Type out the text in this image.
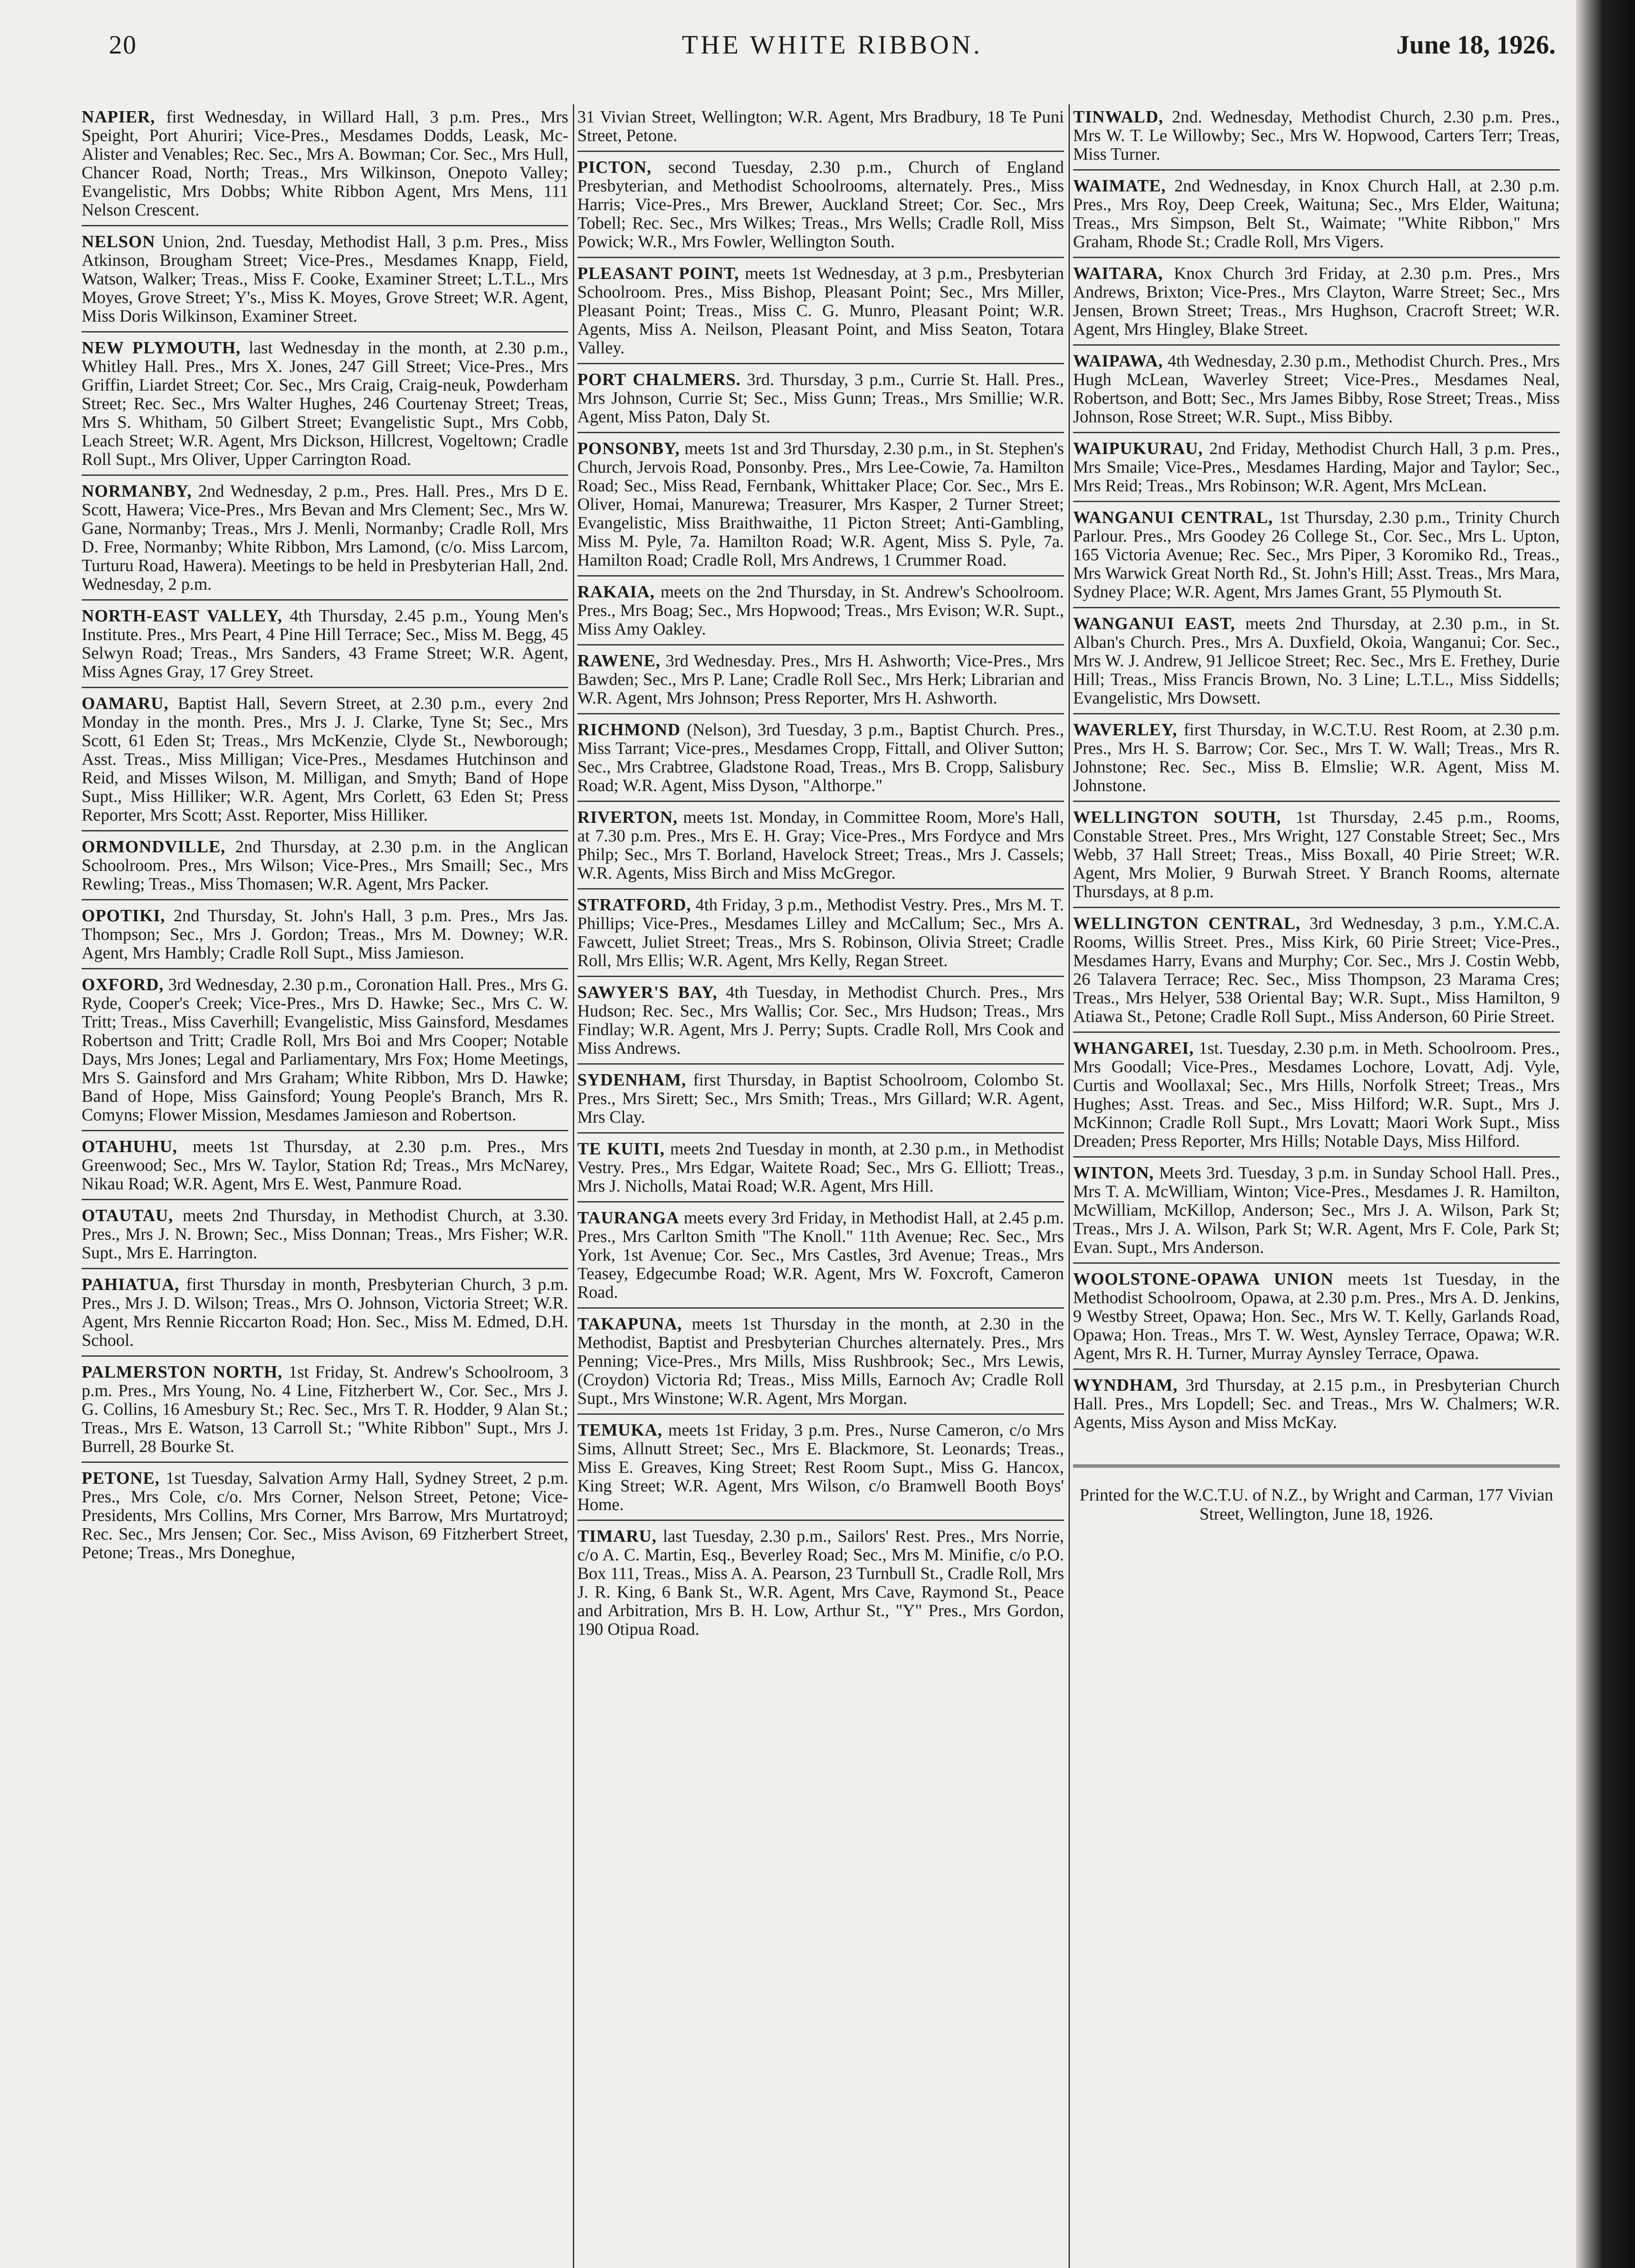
20	THE WHITE RIBBON.	June 18, 1926.
NAPIER, first Wednesday, in Willard Hall, 3 p.m. Pres., Mrs Speight, Port Ahuriri; Vice-Pres., Mesdames Dodds, Leask, Mc-Alister and Venables; Rec. Sec., Mrs A. Bowman; Cor. Sec., Mrs Hull, Chancer Road, North; Treas., Mrs Wilkinson, Onepoto Valley; Evangelistic, Mrs Dobbs; White Ribbon Agent, Mrs Mens, 111 Nelson Crescent.
NELSON Union, 2nd. Tuesday, Methodist Hall, 3 p.m. Pres., Miss Atkinson, Brougham Street; Vice-Pres., Mesdames Knapp, Field, Watson, Walker; Treas., Miss F. Cooke, Examiner Street; L.T.L., Mrs Moyes, Grove Street; Y's., Miss K. Moyes, Grove Street; W.R. Agent, Miss Doris Wilkinson, Examiner Street.
NEW PLYMOUTH, last Wednesday in the month, at 2.30 p.m., Whitley Hall. Pres., Mrs X. Jones, 247 Gill Street; Vice-Pres., Mrs Griffin, Liardet Street; Cor. Sec., Mrs Craig, Craig-neuk, Powderham Street; Rec. Sec., Mrs Walter Hughes, 246 Courtenay Street; Treas, Mrs S. Whitham, 50 Gilbert Street; Evangelistic Supt., Mrs Cobb, Leach Street; W.R. Agent, Mrs Dickson, Hillcrest, Vogeltown; Cradle Roll Supt., Mrs Oliver, Upper Carrington Road.
NORMANBY, 2nd Wednesday, 2 p.m., Pres. Hall. Pres., Mrs D E. Scott, Hawera; Vice-Pres., Mrs Bevan and Mrs Clement; Sec., Mrs W. Gane, Normanby; Treas., Mrs J. Menli, Normanby; Cradle Roll, Mrs D. Free, Normanby; White Ribbon, Mrs Lamond, (c/o. Miss Larcom, Turturu Road, Hawera). Meetings to be held in Presbyterian Hall, 2nd. Wednesday, 2 p.m.
NORTH-EAST VALLEY, 4th Thursday, 2.45 p.m., Young Men's Institute. Pres., Mrs Peart, 4 Pine Hill Terrace; Sec., Miss M. Begg, 45 Selwyn Road; Treas., Mrs Sanders, 43 Frame Street; W.R. Agent, Miss Agnes Gray, 17 Grey Street.
OAMARU, Baptist Hall, Severn Street, at 2.30 p.m., every 2nd Monday in the month. Pres., Mrs J. J. Clarke, Tyne St; Sec., Mrs Scott, 61 Eden St; Treas., Mrs McKenzie, Clyde St., Newborough; Asst. Treas., Miss Milligan; Vice-Pres., Mesdames Hutchinson and Reid, and Misses Wilson, M. Milligan, and Smyth; Band of Hope Supt., Miss Hilliker; W.R. Agent, Mrs Corlett, 63 Eden St; Press Reporter, Mrs Scott; Asst. Reporter, Miss Hilliker.
ORMONDVILLE, 2nd Thursday, at 2.30 p.m. in the Anglican Schoolroom. Pres., Mrs Wilson; Vice-Pres., Mrs Smaill; Sec., Mrs Rewling; Treas., Miss Thomasen; W.R. Agent, Mrs Packer.
OPOTIKI, 2nd Thursday, St. John's Hall, 3 p.m. Pres., Mrs Jas. Thompson; Sec., Mrs J. Gordon; Treas., Mrs M. Downey; W.R. Agent, Mrs Hambly; Cradle Roll Supt., Miss Jamieson.
OXFORD, 3rd Wednesday, 2.30 p.m., Coronation Hall. Pres., Mrs G. Ryde, Cooper's Creek; Vice-Pres., Mrs D. Hawke; Sec., Mrs C. W. Tritt; Treas., Miss Caverhill; Evangelistic, Miss Gainsford, Mesdames Robertson and Tritt; Cradle Roll, Mrs Boi and Mrs Cooper; Notable Days, Mrs Jones; Legal and Parliamentary, Mrs Fox; Home Meetings, Mrs S. Gainsford and Mrs Graham; White Ribbon, Mrs D. Hawke; Band of Hope, Miss Gainsford; Young People's Branch, Mrs R. Comyns; Flower Mission, Mesdames Jamieson and Robertson.
OTAHUHU, meets 1st Thursday, at 2.30 p.m. Pres., Mrs Greenwood; Sec., Mrs W. Taylor, Station Rd; Treas., Mrs McNarey, Nikau Road; W.R. Agent, Mrs E. West, Panmure Road.
OTAUTAU, meets 2nd Thursday, in Methodist Church, at 3.30. Pres., Mrs J. N. Brown; Sec., Miss Donnan; Treas., Mrs Fisher; W.R. Supt., Mrs E. Harrington.
PAHIATUA, first Thursday in month, Presbyterian Church, 3 p.m. Pres., Mrs J. D. Wilson; Treas., Mrs O. Johnson, Victoria Street; W.R. Agent, Mrs Rennie Riccarton Road; Hon. Sec., Miss M. Edmed, D.H. School.
PALMERSTON NORTH, 1st Friday, St. Andrew's Schoolroom, 3 p.m. Pres., Mrs Young, No. 4 Line, Fitzherbert W., Cor. Sec., Mrs J. G. Collins, 16 Amesbury St.; Rec. Sec., Mrs T. R. Hodder, 9 Alan St.; Treas., Mrs E. Watson, 13 Carroll St.; "White Ribbon" Supt., Mrs J. Burrell, 28 Bourke St.
PETONE, 1st Tuesday, Salvation Army Hall, Sydney Street, 2 p.m. Pres., Mrs Cole, c/o. Mrs Corner, Nelson Street, Petone; Vice-Presidents, Mrs Collins, Mrs Corner, Mrs Barrow, Mrs Murtatroyd; Rec. Sec., Mrs Jensen; Cor. Sec., Miss Avison, 69 Fitzherbert Street, Petone; Treas., Mrs Doneghue,
31 Vivian Street, Wellington; W.R. Agent, Mrs Bradbury, 18 Te Puni Street, Petone.
PICTON, second Tuesday, 2.30 p.m., Church of England Presbyterian, and Methodist Schoolrooms, alternately. Pres., Miss Harris; Vice-Pres., Mrs Brewer, Auckland Street; Cor. Sec., Mrs Tobell; Rec. Sec., Mrs Wilkes; Treas., Mrs Wells; Cradle Roll, Miss Powick; W.R., Mrs Fowler, Wellington South.
PLEASANT POINT, meets 1st Wednesday, at 3 p.m., Presbyterian Schoolroom. Pres., Miss Bishop, Pleasant Point; Sec., Mrs Miller, Pleasant Point; Treas., Miss C. G. Munro, Pleasant Point; W.R. Agents, Miss A. Neilson, Pleasant Point, and Miss Seaton, Totara Valley.
PORT CHALMERS. 3rd. Thursday, 3 p.m., Currie St. Hall. Pres., Mrs Johnson, Currie St; Sec., Miss Gunn; Treas., Mrs Smillie; W.R. Agent, Miss Paton, Daly St.
PONSONBY, meets 1st and 3rd Thursday, 2.30 p.m., in St. Stephen's Church, Jervois Road, Ponsonby. Pres., Mrs Lee-Cowie, 7a. Hamilton Road; Sec., Miss Read, Fernbank, Whittaker Place; Cor. Sec., Mrs E. Oliver, Homai, Manurewa; Treasurer, Mrs Kasper, 2 Turner Street; Evangelistic, Miss Braithwaithe, 11 Picton Street; Anti-Gambling, Miss M. Pyle, 7a. Hamilton Road; W.R. Agent, Miss S. Pyle, 7a. Hamilton Road; Cradle Roll, Mrs Andrews, 1 Crummer Road.
RAKAIA, meets on the 2nd Thursday, in St. Andrew's Schoolroom. Pres., Mrs Boag; Sec., Mrs Hopwood; Treas., Mrs Evison; W.R. Supt., Miss Amy Oakley.
RAWENE, 3rd Wednesday. Pres., Mrs H. Ashworth; Vice-Pres., Mrs Bawden; Sec., Mrs P. Lane; Cradle Roll Sec., Mrs Herk; Librarian and W.R. Agent, Mrs Johnson; Press Reporter, Mrs H. Ashworth.
RICHMOND (Nelson), 3rd Tuesday, 3 p.m., Baptist Church. Pres., Miss Tarrant; Vice-pres., Mesdames Cropp, Fittall, and Oliver Sutton; Sec., Mrs Crabtree, Gladstone Road, Treas., Mrs B. Cropp, Salisbury Road; W.R. Agent, Miss Dyson, "Althorpe."
RIVERTON, meets 1st. Monday, in Committee Room, More's Hall, at 7.30 p.m. Pres., Mrs E. H. Gray; Vice-Pres., Mrs Fordyce and Mrs Philp; Sec., Mrs T. Borland, Havelock Street; Treas., Mrs J. Cassels; W.R. Agents, Miss Birch and Miss McGregor.
STRATFORD, 4th Friday, 3 p.m., Methodist Vestry. Pres., Mrs M. T. Phillips; Vice-Pres., Mesdames Lilley and McCallum; Sec., Mrs A. Fawcett, Juliet Street; Treas., Mrs S. Robinson, Olivia Street; Cradle Roll, Mrs Ellis; W.R. Agent, Mrs Kelly, Regan Street.
SAWYER'S BAY, 4th Tuesday, in Methodist Church. Pres., Mrs Hudson; Rec. Sec., Mrs Wallis; Cor. Sec., Mrs Hudson; Treas., Mrs Findlay; W.R. Agent, Mrs J. Perry; Supts. Cradle Roll, Mrs Cook and Miss Andrews.
SYDENHAM, first Thursday, in Baptist Schoolroom, Colombo St. Pres., Mrs Sirett; Sec., Mrs Smith; Treas., Mrs Gillard; W.R. Agent, Mrs Clay.
TE KUITI, meets 2nd Tuesday in month, at 2.30 p.m., in Methodist Vestry. Pres., Mrs Edgar, Waitete Road; Sec., Mrs G. Elliott; Treas., Mrs J. Nicholls, Matai Road; W.R. Agent, Mrs Hill.
TAURANGA meets every 3rd Friday, in Methodist Hall, at 2.45 p.m. Pres., Mrs Carlton Smith "The Knoll." 11th Avenue; Rec. Sec., Mrs York, 1st Avenue; Cor. Sec., Mrs Castles, 3rd Avenue; Treas., Mrs Teasey, Edgecumbe Road; W.R. Agent, Mrs W. Foxcroft, Cameron Road.
TAKAPUNA, meets 1st Thursday in the month, at 2.30 in the Methodist, Baptist and Presbyterian Churches alternately. Pres., Mrs Penning; Vice-Pres., Mrs Mills, Miss Rushbrook; Sec., Mrs Lewis, (Croydon) Victoria Rd; Treas., Miss Mills, Earnoch Av; Cradle Roll Supt., Mrs Winstone; W.R. Agent, Mrs Morgan.
TEMUKA, meets 1st Friday, 3 p.m. Pres., Nurse Cameron, c/o Mrs Sims, Allnutt Street; Sec., Mrs E. Blackmore, St. Leonards; Treas., Miss E. Greaves, King Street; Rest Room Supt., Miss G. Hancox, King Street; W.R. Agent, Mrs Wilson, c/o Bramwell Booth Boys' Home.
TIMARU, last Tuesday, 2.30 p.m., Sailors' Rest. Pres., Mrs Norrie, c/o A. C. Martin, Esq., Beverley Road; Sec., Mrs M. Minifie, c/o P.O. Box 111, Treas., Miss A. A. Pearson, 23 Turnbull St., Cradle Roll, Mrs J. R. King, 6 Bank St., W.R. Agent, Mrs Cave, Raymond St., Peace and Arbitration, Mrs B. H. Low, Arthur St., "Y" Pres., Mrs Gordon, 190 Otipua Road.
TINWALD, 2nd. Wednesday, Methodist Church, 2.30 p.m. Pres., Mrs W. T. Le Willowby; Sec., Mrs W. Hopwood, Carters Terr; Treas, Miss Turner.
WAIMATE, 2nd Wednesday, in Knox Church Hall, at 2.30 p.m. Pres., Mrs Roy, Deep Creek, Waituna; Sec., Mrs Elder, Waituna; Treas., Mrs Simpson, Belt St., Waimate; "White Ribbon," Mrs Graham, Rhode St.; Cradle Roll, Mrs Vigers.
WAITARA, Knox Church 3rd Friday, at 2.30 p.m. Pres., Mrs Andrews, Brixton; Vice-Pres., Mrs Clayton, Warre Street; Sec., Mrs Jensen, Brown Street; Treas., Mrs Hughson, Cracroft Street; W.R. Agent, Mrs Hingley, Blake Street.
WAIPAWA, 4th Wednesday, 2.30 p.m., Methodist Church. Pres., Mrs Hugh McLean, Waverley Street; Vice-Pres., Mesdames Neal, Robertson, and Bott; Sec., Mrs James Bibby, Rose Street; Treas., Miss Johnson, Rose Street; W.R. Supt., Miss Bibby.
WAIPUKURAU, 2nd Friday, Methodist Church Hall, 3 p.m. Pres., Mrs Smaile; Vice-Pres., Mesdames Harding, Major and Taylor; Sec., Mrs Reid; Treas., Mrs Robinson; W.R. Agent, Mrs McLean.
WANGANUI CENTRAL, 1st Thursday, 2.30 p.m., Trinity Church Parlour. Pres., Mrs Goodey 26 College St., Cor. Sec., Mrs L. Upton, 165 Victoria Avenue; Rec. Sec., Mrs Piper, 3 Koromiko Rd., Treas., Mrs Warwick Great North Rd., St. John's Hill; Asst. Treas., Mrs Mara, Sydney Place; W.R. Agent, Mrs James Grant, 55 Plymouth St.
WANGANUI EAST, meets 2nd Thursday, at 2.30 p.m., in St. Alban's Church. Pres., Mrs A. Duxfield, Okoia, Wanganui; Cor. Sec., Mrs W. J. Andrew, 91 Jellicoe Street; Rec. Sec., Mrs E. Frethey, Durie Hill; Treas., Miss Francis Brown, No. 3 Line; L.T.L., Miss Siddells; Evangelistic, Mrs Dowsett.
WAVERLEY, first Thursday, in W.C.T.U. Rest Room, at 2.30 p.m. Pres., Mrs H. S. Barrow; Cor. Sec., Mrs T. W. Wall; Treas., Mrs R. Johnstone; Rec. Sec., Miss B. Elmslie; W.R. Agent, Miss M. Johnstone.
WELLINGTON SOUTH, 1st Thursday, 2.45 p.m., Rooms, Constable Street. Pres., Mrs Wright, 127 Constable Street; Sec., Mrs Webb, 37 Hall Street; Treas., Miss Boxall, 40 Pirie Street; W.R. Agent, Mrs Molier, 9 Burwah Street. Y Branch Rooms, alternate Thursdays, at 8 p.m.
WELLINGTON CENTRAL, 3rd Wednesday, 3 p.m., Y.M.C.A. Rooms, Willis Street. Pres., Miss Kirk, 60 Pirie Street; Vice-Pres., Mesdames Harry, Evans and Murphy; Cor. Sec., Mrs J. Costin Webb, 26 Talavera Terrace; Rec. Sec., Miss Thompson, 23 Marama Cres; Treas., Mrs Helyer, 538 Oriental Bay; W.R. Supt., Miss Hamilton, 9 Atiawa St., Petone; Cradle Roll Supt., Miss Anderson, 60 Pirie Street.
WHANGAREI, 1st. Tuesday, 2.30 p.m. in Meth. Schoolroom. Pres., Mrs Goodall; Vice-Pres., Mesdames Lochore, Lovatt, Adj. Vyle, Curtis and Woollaxal; Sec., Mrs Hills, Norfolk Street; Treas., Mrs Hughes; Asst. Treas. and Sec., Miss Hilford; W.R. Supt., Mrs J. McKinnon; Cradle Roll Supt., Mrs Lovatt; Maori Work Supt., Miss Dreaden; Press Reporter, Mrs Hills; Notable Days, Miss Hilford.
WINTON, Meets 3rd. Tuesday, 3 p.m. in Sunday School Hall. Pres., Mrs T. A. McWilliam, Winton; Vice-Pres., Mesdames J. R. Hamilton, McWilliam, McKillop, Anderson; Sec., Mrs J. A. Wilson, Park St; Treas., Mrs J. A. Wilson, Park St; W.R. Agent, Mrs F. Cole, Park St; Evan. Supt., Mrs Anderson.
WOOLSTONE-OPAWA UNION meets 1st Tuesday, in the Methodist Schoolroom, Opawa, at 2.30 p.m. Pres., Mrs A. D. Jenkins, 9 Westby Street, Opawa; Hon. Sec., Mrs W. T. Kelly, Garlands Road, Opawa; Hon. Treas., Mrs T. W. West, Aynsley Terrace, Opawa; W.R. Agent, Mrs R. H. Turner, Murray Aynsley Terrace, Opawa.
WYNDHAM, 3rd Thursday, at 2.15 p.m., in Presbyterian Church Hall. Pres., Mrs Lopdell; Sec. and Treas., Mrs W. Chalmers; W.R. Agents, Miss Ayson and Miss McKay.
Printed for the W.C.T.U. of N.Z., by Wright and Carman, 177 Vivian Street, Wellington, June 18, 1926.
